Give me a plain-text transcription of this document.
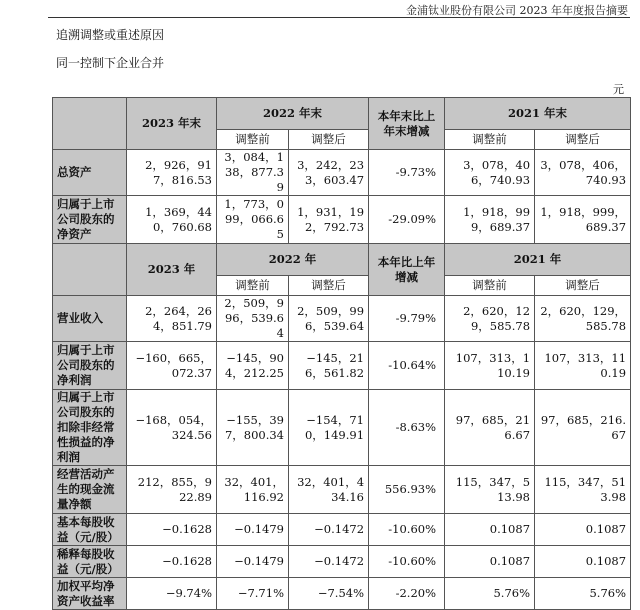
金浦钛业股份有限公司 2023 年年度报告摘要
追溯调整或重述原因
同一控制下企业合并
元
	2023 年末	2022 年末		本年末比上年末增减	2021 年末	
		调整前	调整后		调整前	调整后
总资产	2，926，917，816.53	3，084，138，877.39	3，242，233，603.47	-9.73%	3，078，406，740.93	3，078，406，740.93
归属于上市公司股东的净资产	1，369，440，760.68	1，773，099，066.65	1，931，192，792.73	-29.09%	1，918，999，689.37	1，918，999，689.37
	2023 年	2022 年		本年比上年增减	2021 年	
		调整前	调整后		调整前	调整后
营业收入	2，264，264，851.79	2，509，996，539.64	2，509，996，539.64	-9.79%	2，620，129，585.78	2，620，129，585.78
归属于上市公司股东的净利润	−160，665，072.37	−145，904，212.25	−145，216，561.82	-10.64%	107，313，110.19	107，313，110.19
归属于上市公司股东的扣除非经常性损益的净利润	−168，054，324.56	−155，397，800.34	−154，710，149.91	-8.63%	97，685，216.67	97，685，216.67
经营活动产生的现金流量净额	212，855，922.89	32，401，116.92	32，401，434.16	556.93%	115，347，513.98	115，347，513.98
基本每股收益（元/股）	−0.1628	−0.1479	−0.1472	-10.60%	0.1087	0.1087
稀释每股收益（元/股）	−0.1628	−0.1479	−0.1472	-10.60%	0.1087	0.1087
加权平均净资产收益率	−9.74%	−7.71%	−7.54%	-2.20%	5.76%	5.76%
